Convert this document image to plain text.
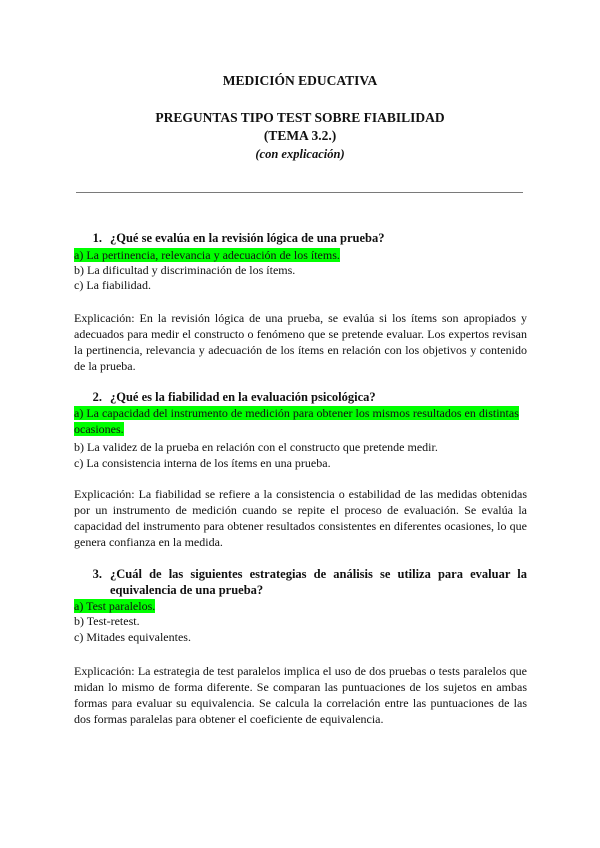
MEDICIÓN EDUCATIVA
PREGUNTAS TIPO TEST SOBRE FIABILIDAD
(TEMA 3.2.)
(con explicación)
1. ¿Qué se evalúa en la revisión lógica de una prueba?
a) La pertinencia, relevancia y adecuación de los ítems.
b) La dificultad y discriminación de los ítems.
c) La fiabilidad.
Explicación: En la revisión lógica de una prueba, se evalúa si los ítems son apropiados y adecuados para medir el constructo o fenómeno que se pretende evaluar. Los expertos revisan la pertinencia, relevancia y adecuación de los ítems en relación con los objetivos y contenido de la prueba.
2. ¿Qué es la fiabilidad en la evaluación psicológica?
a) La capacidad del instrumento de medición para obtener los mismos resultados en distintas ocasiones.
b) La validez de la prueba en relación con el constructo que pretende medir.
c) La consistencia interna de los ítems en una prueba.
Explicación: La fiabilidad se refiere a la consistencia o estabilidad de las medidas obtenidas por un instrumento de medición cuando se repite el proceso de evaluación. Se evalúa la capacidad del instrumento para obtener resultados consistentes en diferentes ocasiones, lo que genera confianza en la medida.
3. ¿Cuál de las siguientes estrategias de análisis se utiliza para evaluar la equivalencia de una prueba?
a) Test paralelos.
b) Test-retest.
c) Mitades equivalentes.
Explicación: La estrategia de test paralelos implica el uso de dos pruebas o tests paralelos que midan lo mismo de forma diferente. Se comparan las puntuaciones de los sujetos en ambas formas para evaluar su equivalencia. Se calcula la correlación entre las puntuaciones de las dos formas paralelas para obtener el coeficiente de equivalencia.
